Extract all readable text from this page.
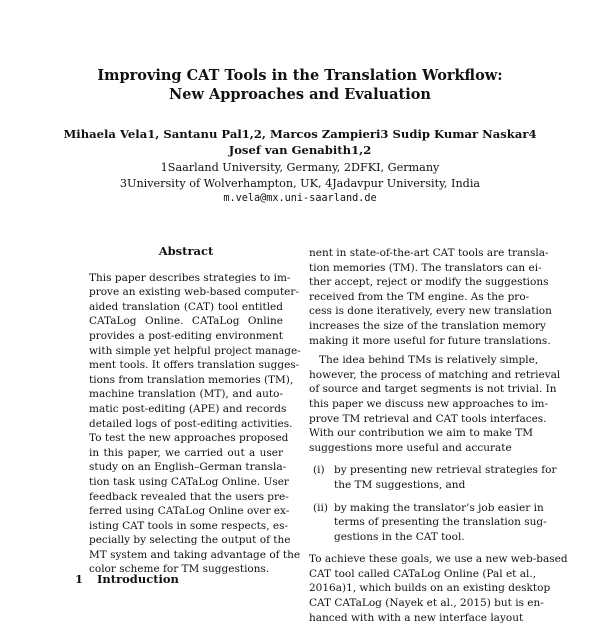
Improving CAT Tools in the Translation Workflow:
New Approaches and Evaluation
Mihaela Vela1, Santanu Pal1,2, Marcos Zampieri3 Sudip Kumar Naskar4
Josef van Genabith1,2
1Saarland University, Germany, 2DFKI, Germany
3University of Wolverhampton, UK, 4Jadavpur University, India
m.vela@mx.uni-saarland.de
Abstract
This paper describes strategies to im-
prove an existing web-based computer-
aided translation (CAT) tool entitled
CATaLog Online. CATaLog Online
provides a post-editing environment
with simple yet helpful project manage-
ment tools. It offers translation sugges-
tions from translation memories (TM),
machine translation (MT), and auto-
matic post-editing (APE) and records
detailed logs of post-editing activities.
To test the new approaches proposed
in this paper, we carried out a user
study on an English–German transla-
tion task using CATaLog Online. User
feedback revealed that the users pre-
ferred using CATaLog Online over ex-
isting CAT tools in some respects, es-
pecially by selecting the output of the
MT system and taking advantage of the
color scheme for TM suggestions.
1 Introduction
nent in state-of-the-art CAT tools are transla-
tion memories (TM). The translators can ei-
ther accept, reject or modify the suggestions
received from the TM engine. As the pro-
cess is done iteratively, every new translation
increases the size of the translation memory
making it more useful for future translations.
The idea behind TMs is relatively simple,
however, the process of matching and retrieval
of source and target segments is not trivial. In
this paper we discuss new approaches to im-
prove TM retrieval and CAT tools interfaces.
With our contribution we aim to make TM
suggestions more useful and accurate
(i) by presenting new retrieval strategies for
the TM suggestions, and
(ii) by making the translator’s job easier in
terms of presenting the translation sug-
gestions in the CAT tool.
To achieve these goals, we use a new web-based
CAT tool called CATaLog Online (Pal et al.,
2016a)1, which builds on an existing desktop
CAT CATaLog (Nayek et al., 2015) but is en-
hanced with with a new interface layout
